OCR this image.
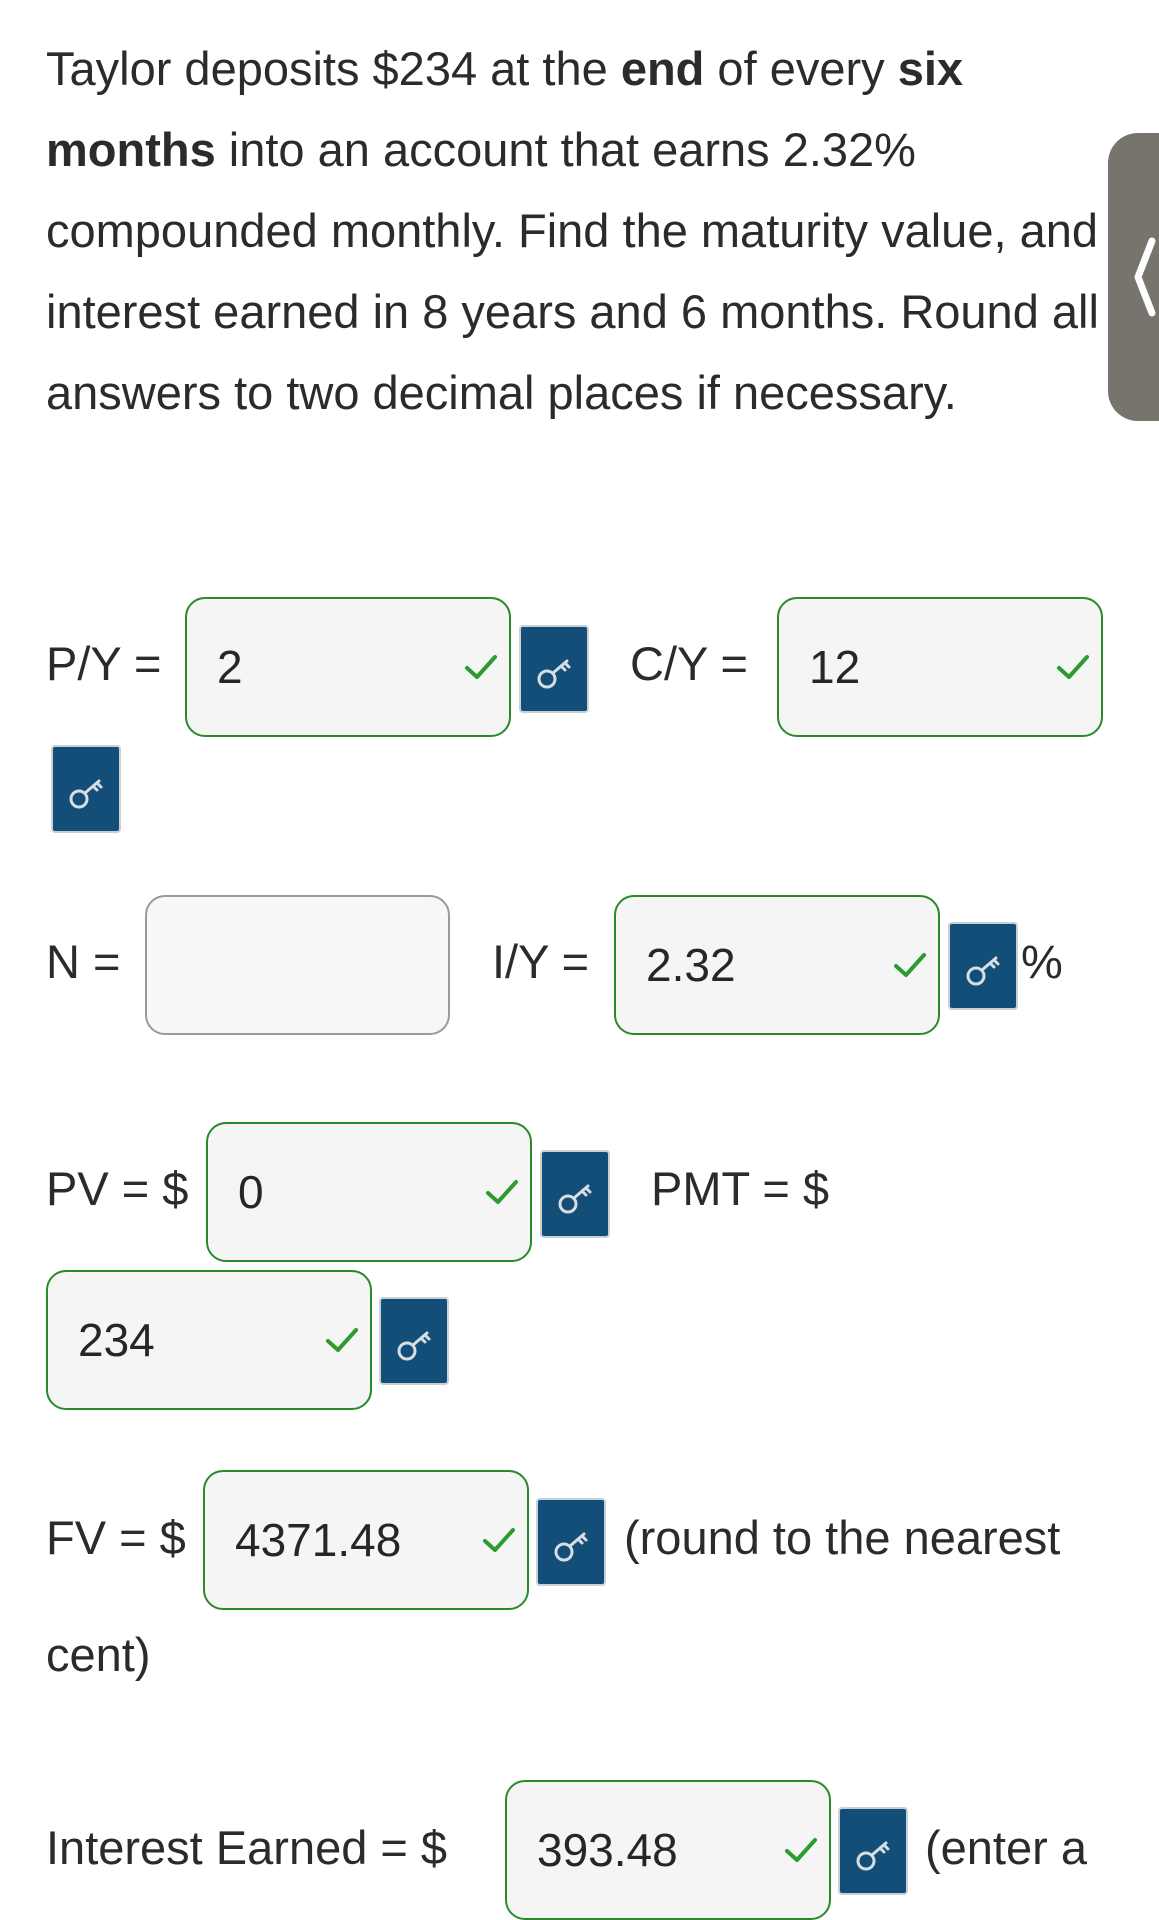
Taylor deposits $234 at the end of every six months into an account that earns 2.32% compounded monthly. Find the maturity value, and interest earned in 8 years and 6 months. Round all answers to two decimal places if necessary.

P/Y = 2	C/Y = 12
N =	I/Y = 2.32	%
PV = $ 0	PMT = $
234
FV = $ 4371.48	(round to the nearest
cent)
Interest Earned = $ 393.48	(enter a
